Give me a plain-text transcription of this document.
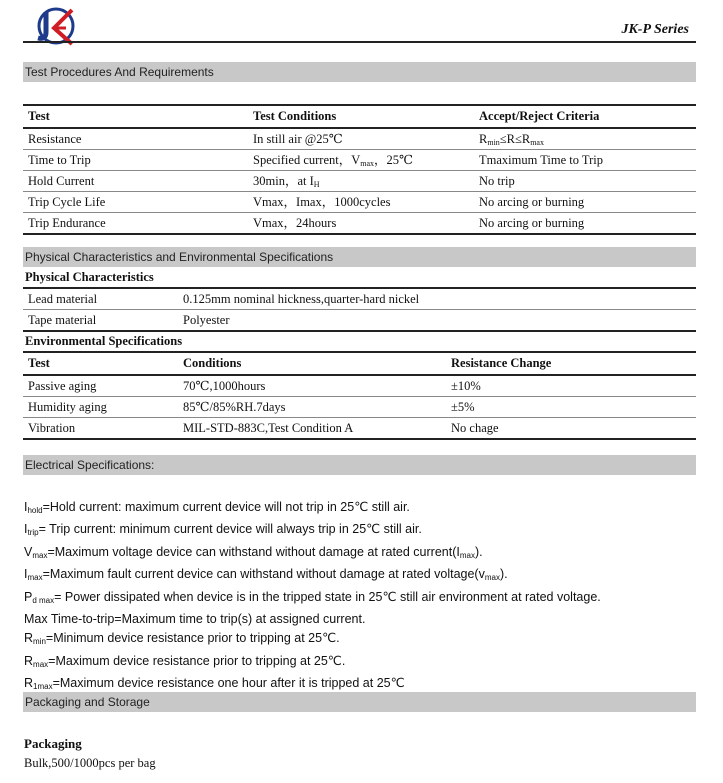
JK-P Series
Test Procedures And Requirements
Test	Test Conditions	Accept/Reject Criteria
Resistance	In still air @25℃	$R_{min}\le R\le R_{max}$
Time to Trip	Specified current，$V_{max}$，25℃	Tmaximum Time to Trip
Hold Current	30min，at $I_H$	No trip
Trip Cycle Life	Vmax，Imax，1000cycles	No arcing or burning
Trip Endurance	Vmax，24hours	No arcing or burning
Physical Characteristics and Environmental Specifications
Physical Characteristics
Lead material	0.125mm nominal hickness,quarter-hard nickel
Tape material	Polyester
Environmental Specifications
Test	Conditions	Resistance Change
Passive aging	70℃,1000hours	±10%
Humidity aging	85℃/85%RH.7days	±5%
Vibration	MIL-STD-883C,Test Condition A	No chage
Electrical Specifications:
$I_{hold}=Hold$ current: maximum current device will not trip in 25℃ still air.
$I_{trip}=$ Trip current: minimum current device will always trip in 25℃ still air.
$V_{max}=Maximum$ voltage device can withstand without damage at rated $current(I_{max})$.
$I_{max}=Maximum$ fault current device can withstand without damage at rated $voltage(v_{max})$.
$P_{d max}=$ Power dissipated when device is in the tripped state in 25℃ still air environment at rated voltage.
Max Time-to-trip=Maximum time to trip(s) at assigned current.
$R_{min}=Minimum$ device resistance prior to tripping at 25℃.
$R_{max}=Maximum$ device resistance prior to tripping at 25℃.
$R_{1max}=Maximum$ device resistance one hour after it is tripped at 25℃
Packaging and Storage
Packaging
Bulk,500/1000pcs per bag
